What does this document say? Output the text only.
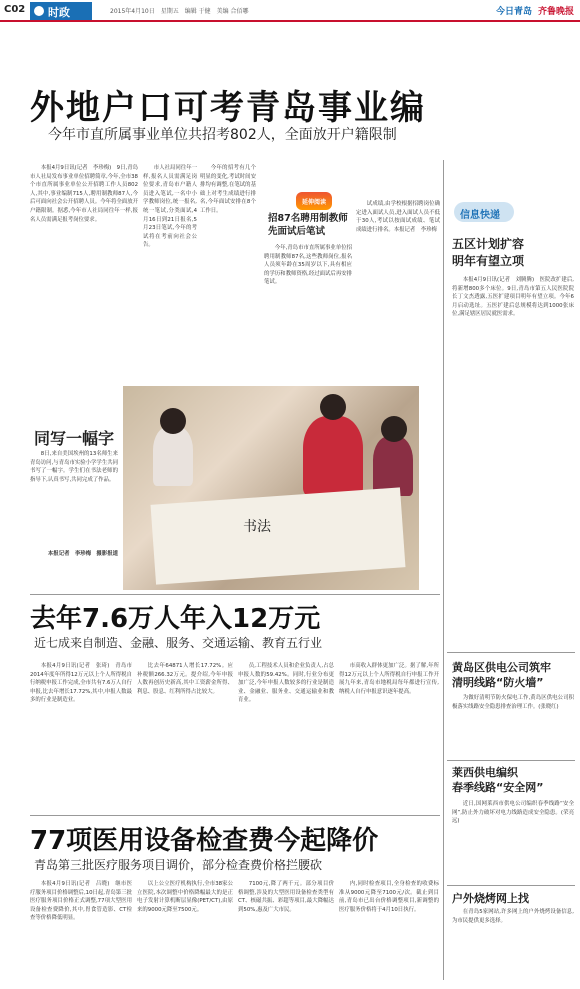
C02	时政	2015年4月10日　星期五　编辑 于健　美编 合佰哪	今日青岛 齐鲁晚报
外地户口可考青岛事业编
今年市直所属事业单位共招考802人，全面放开户籍限制
本报4月9日讯(记者　李珍梅)　9日,青岛市人社局发布事业单位招聘简章,今年,全市38个市直所属事业单位公开招聘工作人员802人,其中,事业编制715人,聘用制教师87人,今后可面向社会公开招聘人员。今年将全面放开户籍限制。据悉,今年市人社局同往年一样,报名人员需满足报考岗位要求。
市人社局同往年一样,报名人员需满足岗位要求,青岛市户籍人员进入笔试,一名中小学教师岗位,统一报名,统一笔试,分类面试,4月16日到21日报名,5月23日笔试,今年的考试将在考前向社会公告。
今年的招考有几个明显的变化,考试时间安排均有调整,在笔试的基础上对考生成绩进行排名,今年面试安排在8个工作日。
延伸阅读
招87名聘用制教师
先面试后笔试
今年,青岛市市直所属事业单位招聘用制教师87名,这些教师岗位,报名人员须年龄在35周岁以下,具有相应的学历和教师资格,经过面试后再安排笔试。
试成绩,由学校根据招聘岗位确定进入面试人员,进入面试人员不低于30人,考试以按面试成绩、笔试成绩进行排名。本报记者　李珍梅
信息快递
五区计划扩容
明年有望立项
本报4月9日讯(记者　刘腾腾)　医院改扩建后,将新增800多个床位。9日,青岛市第五人民医院院长丁文杰透露,五医扩建项目明年有望立项。今年6月启动选址。五医扩建后总规模将达到1000张床位,满足辖区居民就医需求。
黄岛区供电公司筑牢
清明线路“防火墙”
为做好清明节防火保电工作,黄岛区供电公司积极落实线路安全隐患排查治理工作。(张晓红)
莱西供电编织
春季线路“安全网”
近日,国网莱西市供电公司编织春季线路“安全网”,防止外力破坏对电力线路造成安全隐患。(荣亮远)
户外烧烤网上找
在青岛5家网站,许多网上的户外烧烤设备信息,为市民提供更多选择。
同写一幅字
8日,来自美国埃州的13名师生来青岛访问,与青岛市实验小学学生共同书写了一幅字。学生们在书法老师的指导下,认真书写,共同完成了作品。
本报记者　李珍梅　摄影报道
书法
去年7.6万人年入12万元
近七成来自制造、金融、服务、交通运输、教育五行业
本报4月9日讯(记者　张琦)　青岛市2014年度年所得12万元以上个人所得税自行纳税申报工作完成,全市共有7.6万人自行申报,比去年增长17.72%,其中,申报人数最多的行业是制造业。
比去年64871人增长17.72%。应补税额266.32万元。提介绍,今年申报人数再创历史新高,其中工资薪金所得、利息、股息、红利所得占比较大。
员,工程技术人员和企业负责人,占总申报人数的59.42%。同时,行业分布更加广泛,今年申报人数较多的行业是制造业、金融业、服务业、交通运输业和教育业。
市高收入群体更加广泛。据了解,年所得12万元以上个人所得税自行申报工作开展九年来,青岛市地税局每年都进行宣传,纳税人自行申报意识逐年提高。
77项医用设备检查费今起降价
青岛第三批医疗服务项目调价，部分检查费价格拦腰砍
本报4月9日讯(记者　吕晓)　继市医疗服务项目价格调整后,10日起,青岛第三批医疗服务项目价格正式调整,77项大型医用设备检查费降价,其中,胃食管造影、CT检查等价格降低明显。
以上公立医疗机构执行,全市38家公立医院,本次调整中价格降幅最大的是正电子发射计算机断层显像(PET/CT),由原来的9000元降至7500元。
7100元,降了两千元。部分项目价格调整,涉及的大型医用设备检查类型有CT、核磁共振、彩超等项目,最大降幅达到50%,惠及广大市民。
内,同时检查项目,全身检查的收费标准从9000元降至7100元/次。截止到目前,青岛市已出台价格调整项目,新调整的医疗服务价格将于4月10日执行。
